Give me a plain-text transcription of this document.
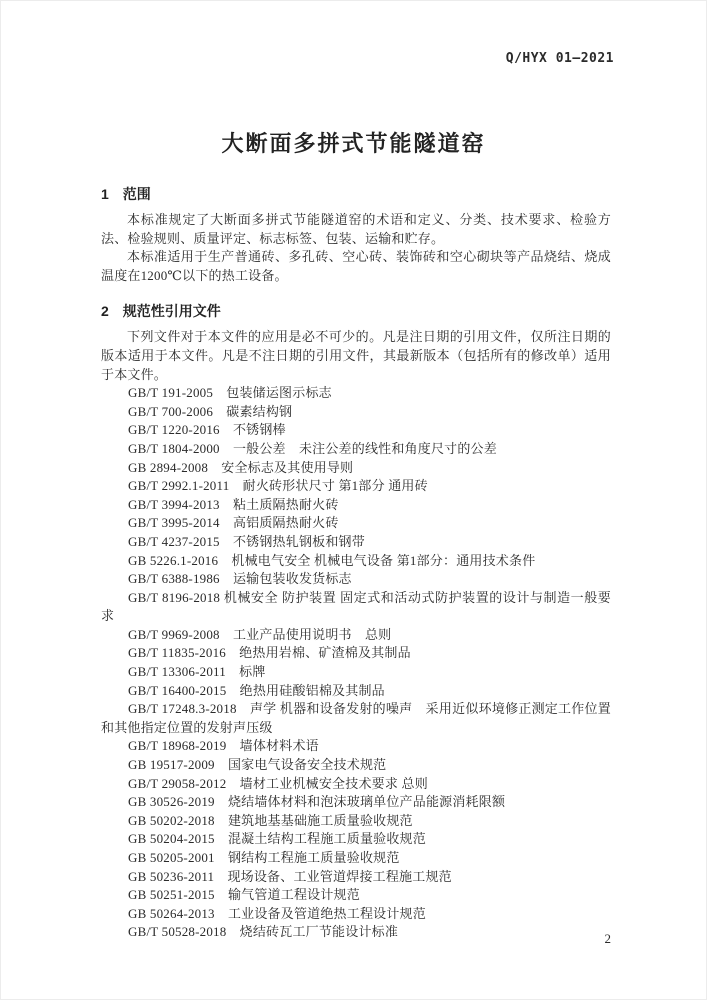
Q/HYX 01—2021
大断面多拼式节能隧道窑
1 范围

本标准规定了大断面多拼式节能隧道窑的术语和定义、分类、技术要求、检验方法、检验规则、质量评定、标志标签、包装、运输和贮存。

本标准适用于生产普通砖、多孔砖、空心砖、装饰砖和空心砌块等产品烧结、烧成温度在1200℃以下的热工设备。

2 规范性引用文件

下列文件对于本文件的应用是必不可少的。凡是注日期的引用文件，仅所注日期的版本适用于本文件。凡是不注日期的引用文件，其最新版本（包括所有的修改单）适用于本文件。

GB/T 191-2005　包装储运图示标志
GB/T 700-2006　碳素结构钢
GB/T 1220-2016　不锈钢棒
GB/T 1804-2000　一般公差　未注公差的线性和角度尺寸的公差
GB 2894-2008　安全标志及其使用导则
GB/T 2992.1-2011　耐火砖形状尺寸 第1部分 通用砖
GB/T 3994-2013　粘土质隔热耐火砖
GB/T 3995-2014　高铝质隔热耐火砖
GB/T 4237-2015　不锈钢热轧钢板和钢带
GB 5226.1-2016　机械电气安全 机械电气设备 第1部分：通用技术条件
GB/T 6388-1986　运输包装收发货标志
GB/T 8196-2018 机械安全 防护装置 固定式和活动式防护装置的设计与制造一般要求
GB/T 9969-2008　工业产品使用说明书　总则
GB/T 11835-2016　绝热用岩棉、矿渣棉及其制品
GB/T 13306-2011　标牌
GB/T 16400-2015　绝热用硅酸铝棉及其制品
GB/T 17248.3-2018　声学 机器和设备发射的噪声　采用近似环境修正测定工作位置和其他指定位置的发射声压级
GB/T 18968-2019　墙体材料术语
GB 19517-2009　国家电气设备安全技术规范
GB/T 29058-2012　墙材工业机械安全技术要求 总则
GB 30526-2019　烧结墙体材料和泡沫玻璃单位产品能源消耗限额
GB 50202-2018　建筑地基基础施工质量验收规范
GB 50204-2015　混凝土结构工程施工质量验收规范
GB 50205-2001　钢结构工程施工质量验收规范
GB 50236-2011　现场设备、工业管道焊接工程施工规范
GB 50251-2015　输气管道工程设计规范
GB 50264-2013　工业设备及管道绝热工程设计规范
GB/T 50528-2018　烧结砖瓦工厂节能设计标准	2
